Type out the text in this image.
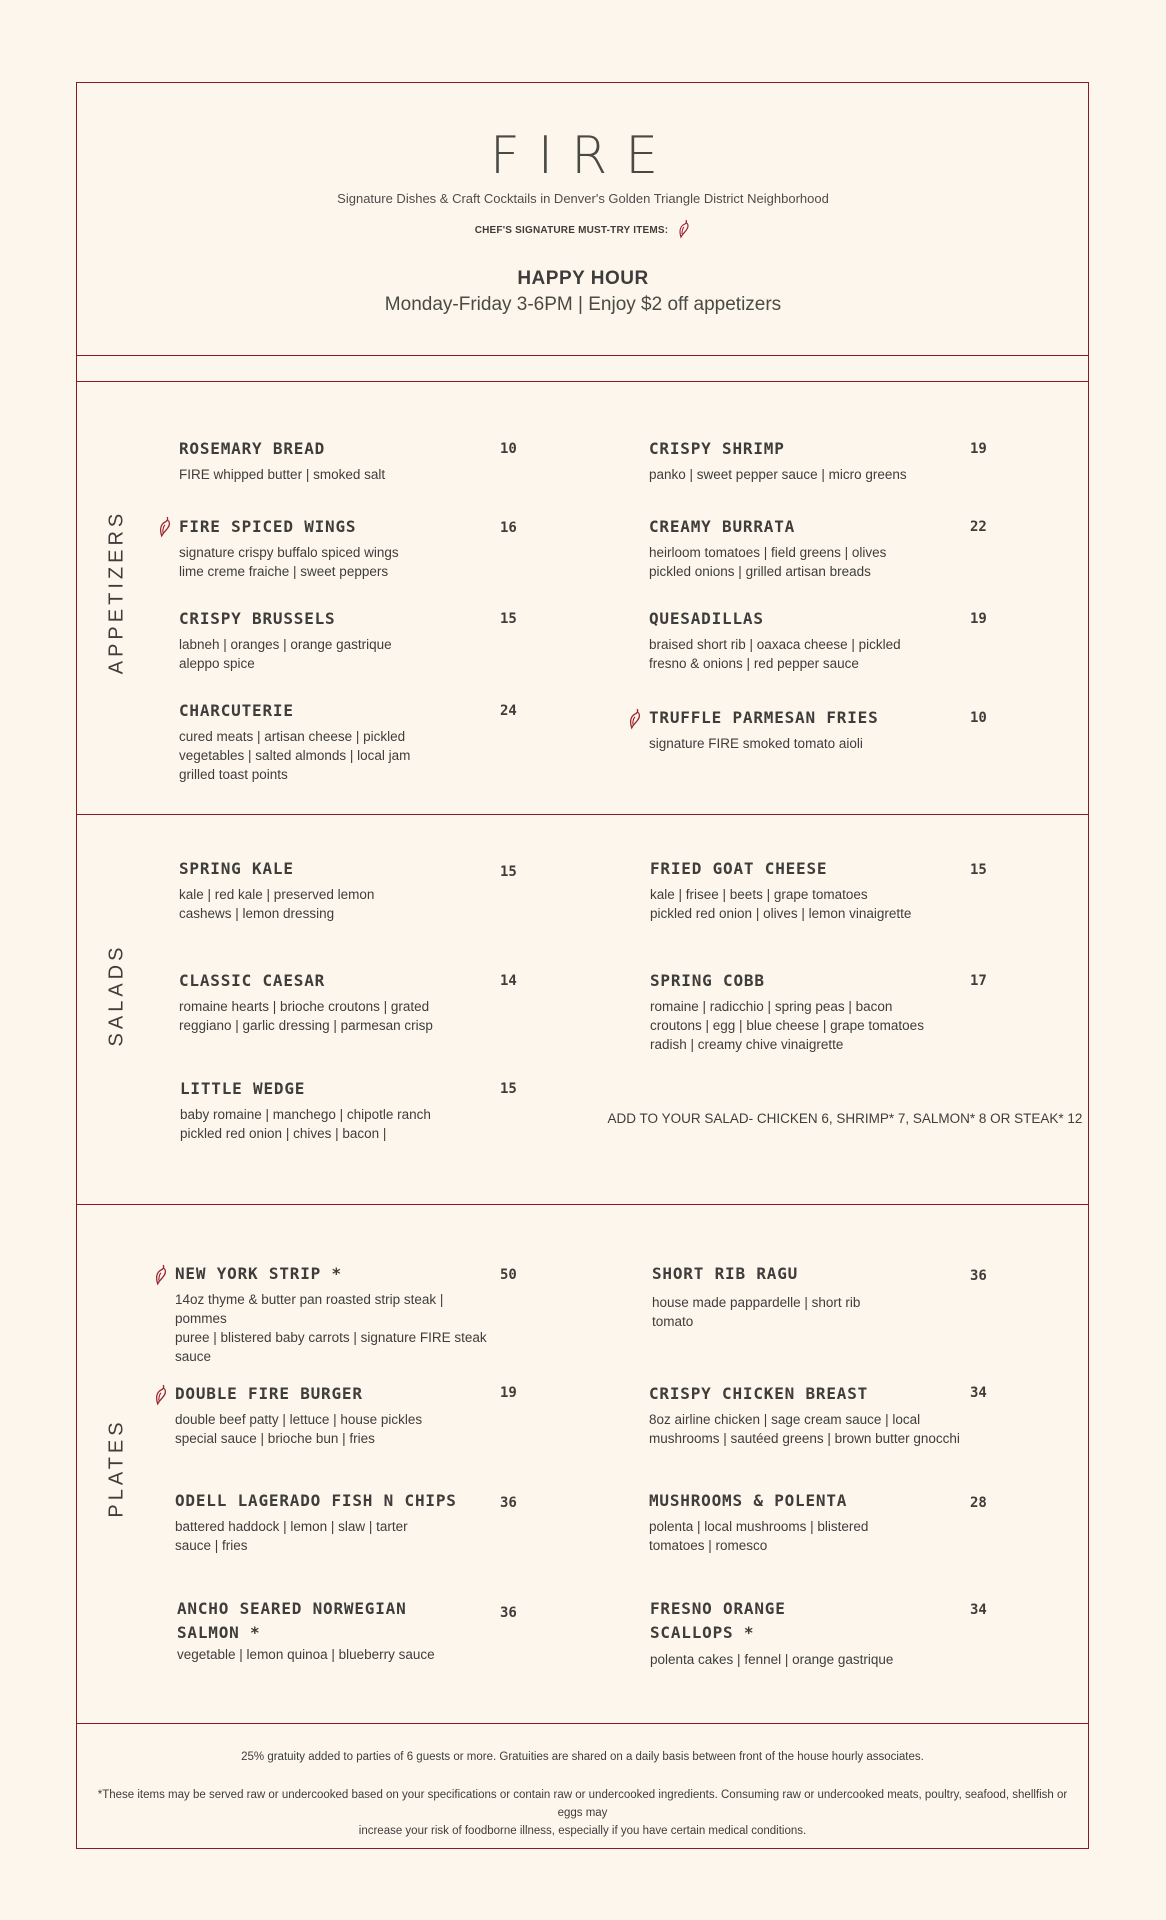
FIRE
Signature Dishes & Craft Cocktails in Denver's Golden Triangle District Neighborhood
CHEF'S SIGNATURE MUST-TRY ITEMS:
HAPPY HOUR
Monday-Friday 3-6PM | Enjoy $2 off appetizers
APPETIZERS
SALADS
PLATES
ROSEMARY BREAD
FIRE whipped butter | smoked salt
10	CRISPY SHRIMP
panko | sweet pepper sauce | micro greens
19
FIRE SPICED WINGS
signature crispy buffalo spiced wings
lime creme fraiche | sweet peppers
16	CREAMY BURRATA
heirloom tomatoes | field greens | olives
pickled onions | grilled artisan breads
22
CRISPY BRUSSELS
labneh | oranges | orange gastrique
aleppo spice
15	QUESADILLAS
braised short rib | oaxaca cheese | pickled
fresno & onions | red pepper sauce
19
CHARCUTERIE
cured meats | artisan cheese | pickled
vegetables | salted almonds | local jam
grilled toast points
24	TRUFFLE PARMESAN FRIES
signature FIRE smoked tomato aioli
10
SPRING KALE
kale | red kale | preserved lemon
cashews | lemon dressing
15	FRIED GOAT CHEESE
kale | frisee | beets | grape tomatoes
pickled red onion | olives | lemon vinaigrette
15
CLASSIC CAESAR
romaine hearts | brioche croutons | grated
reggiano | garlic dressing | parmesan crisp
14	SPRING COBB
romaine | radicchio | spring peas | bacon
croutons | egg | blue cheese | grape tomatoes
radish | creamy chive vinaigrette
17
LITTLE WEDGE
baby romaine | manchego | chipotle ranch
pickled red onion | chives | bacon |
15
ADD TO YOUR SALAD- CHICKEN 6, SHRIMP* 7, SALMON* 8 OR STEAK* 12
NEW YORK STRIP *
14oz thyme & butter pan roasted strip steak | pommes
puree | blistered baby carrots | signature FIRE steak
sauce
50	SHORT RIB RAGU
house made pappardelle | short rib
tomato
36
DOUBLE FIRE BURGER
double beef patty | lettuce | house pickles
special sauce | brioche bun | fries
19	CRISPY CHICKEN BREAST
8oz airline chicken | sage cream sauce | local
mushrooms | sautéed greens | brown butter gnocchi
34
ODELL LAGERADO FISH N CHIPS
battered haddock | lemon | slaw | tarter
sauce | fries
36	MUSHROOMS & POLENTA
polenta | local mushrooms | blistered
tomatoes | romesco
28
ANCHO SEARED NORWEGIAN
SALMON *
vegetable | lemon quinoa | blueberry sauce
36	FRESNO ORANGE
SCALLOPS *
polenta cakes | fennel | orange gastrique
34
25% gratuity added to parties of 6 guests or more. Gratuities are shared on a daily basis between front of the house hourly associates.
*These items may be served raw or undercooked based on your specifications or contain raw or undercooked ingredients. Consuming raw or undercooked meats, poultry, seafood, shellfish or eggs may
increase your risk of foodborne illness, especially if you have certain medical conditions.
